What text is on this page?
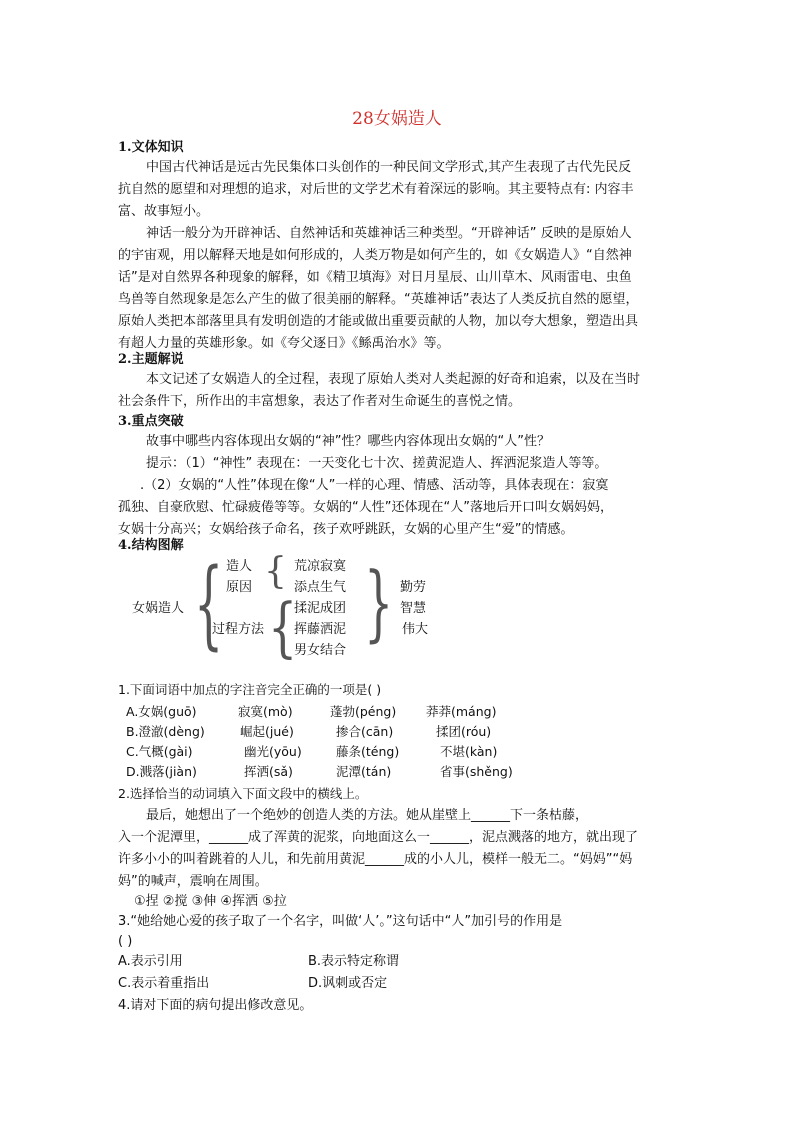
28女娲造人
1.文体知识
中国古代神话是远古先民集体口头创作的一种民间文学形式,其产生表现了古代先民反
抗自然的愿望和对理想的追求，对后世的文学艺术有着深远的影响。其主要特点有: 内容丰
富、故事短小。
神话一般分为开辟神话、自然神话和英雄神话三种类型。“开辟神话” 反映的是原始人
的宇宙观，用以解释天地是如何形成的，人类万物是如何产生的，如《女娲造人》“自然神
话”是对自然界各种现象的解释，如《精卫填海》对日月星辰、山川草木、风雨雷电、虫鱼
鸟兽等自然现象是怎么产生的做了很美丽的解释。“英雄神话”表达了人类反抗自然的愿望，
原始人类把本部落里具有发明创造的才能或做出重要贡献的人物，加以夸大想象，塑造出具
有超人力量的英雄形象。如《夸父逐日》《鲧禹治水》等。
2.主题解说
本文记述了女娲造人的全过程，表现了原始人类对人类起源的好奇和追索，以及在当时
社会条件下，所作出的丰富想象，表达了作者对生命诞生的喜悦之情。
3.重点突破
故事中哪些内容体现出女娲的“神”性？哪些内容体现出女娲的“人”性？
提示：（1）“神性” 表现在：一天变化七十次、搓黄泥造人、挥洒泥浆造人等等。
.（2）女娲的“人性”体现在像“人”一样的心理、情感、活动等，具体表现在：寂寞
孤独、自豪欣慰、忙碌疲倦等等。女娲的“人性”还体现在“人”落地后开口叫女娲妈妈，
女娲十分高兴；女娲给孩子命名，孩子欢呼跳跃，女娲的心里产生“爱”的情感。
4.结构图解
女娲造人 { 造人
原因 { 荒凉寂寞
添点生气
过程方法 {
揉泥成团
挥藤洒泥
男女结合 } 勤劳
智慧
伟大
1.下面词语中加点的字注音完全正确的一项是( )
A.女娲(guō)	寂寞(mò)	蓬勃(péng) 莽莽(máng)
B.澄澈(dèng)	崛起(jué)	掺合(cān)	揉团(róu)
C.气概(gài)	幽光(yōu)	藤条(téng)	不堪(kàn)
D.溅落(jiàn)	挥洒(sǎ)	泥潭(tán)	省事(shěng)
2.选择恰当的动词填入下面文段中的横线上。
最后，她想出了一个绝妙的创造人类的方法。她从崖壁上______下一条枯藤，
入一个泥潭里，______成了浑黄的泥浆，向地面这么一______，泥点溅落的地方，就出现了
许多小小的叫着跳着的人儿，和先前用黄泥______成的小人儿，模样一般无二。“妈妈”“妈
妈”的喊声，震响在周围。
①捏 ②搅 ③伸 ④挥洒 ⑤拉
3.“她给她心爱的孩子取了一个名字，叫做‘人’。”这句话中“人”加引号的作用是
( )
A.表示引用	B.表示特定称谓
C.表示着重指出	D.讽刺或否定
4.请对下面的病句提出修改意见。
